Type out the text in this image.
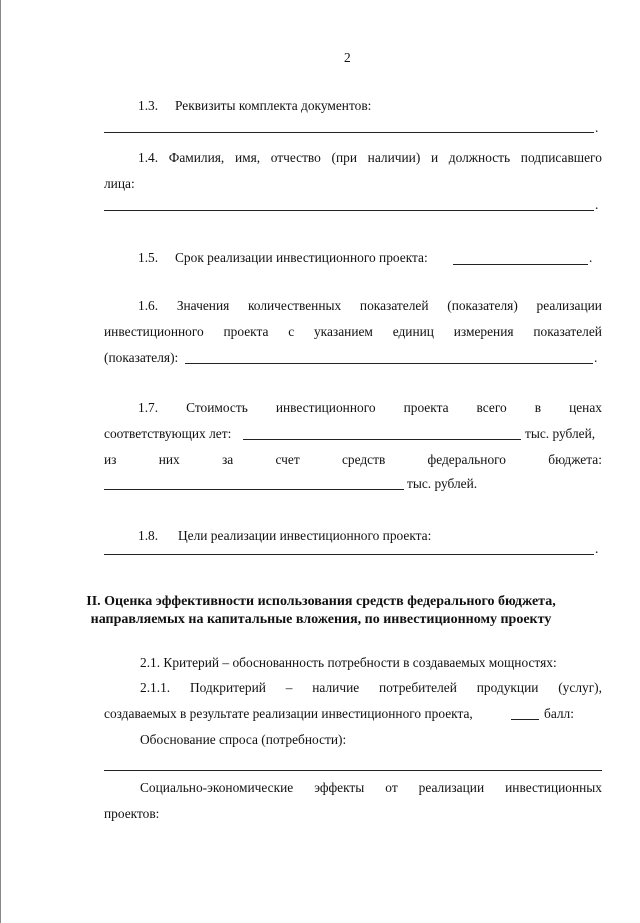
2
1.3. Реквизиты комплекта документов:
.
1.4. Фамилия, имя, отчество (при наличии) и должность подписавшего
лица:
.
1.5. Срок реализации инвестиционного проекта:	.
1.6. Значения количественных показателей (показателя) реализации
инвестиционного проекта с указанием единиц измерения показателей
(показателя):	.
1.7. Стоимость инвестиционного проекта всего в ценах
соответствующих лет:	тыс. рублей,
из	них	за	счет	средств	федерального	бюджета:
тыс. рублей.
1.8. Цели реализации инвестиционного проекта:
.
II. Оценка эффективности использования средств федерального бюджета,
направляемых на капитальные вложения, по инвестиционному проекту
2.1. Критерий – обоснованность потребности в создаваемых мощностях:
2.1.1. Подкритерий – наличие потребителей продукции (услуг),
создаваемых в результате реализации инвестиционного проекта,	балл:
Обоснование спроса (потребности):
Социально-экономические эффекты от реализации инвестиционных
проектов:
